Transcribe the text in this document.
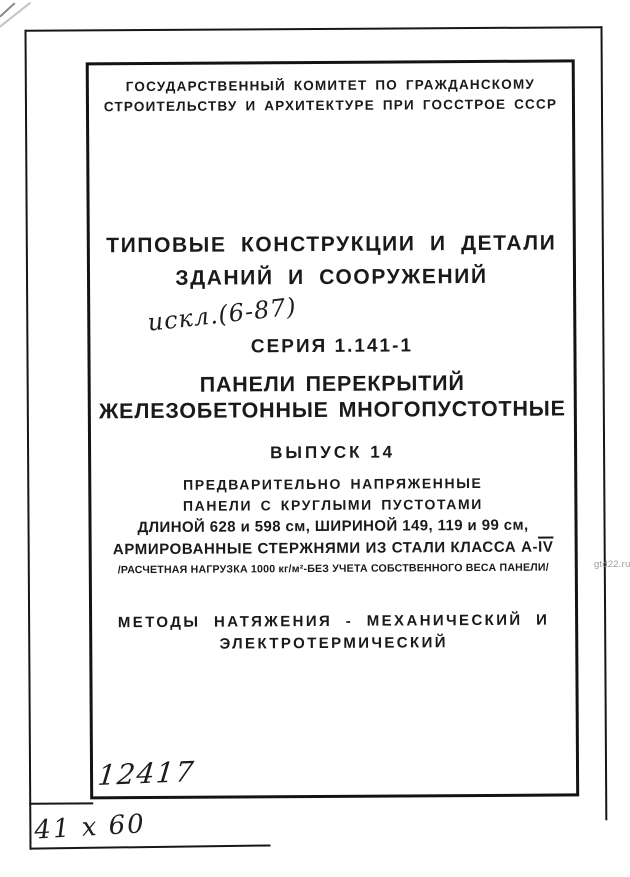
ГОСУДАРСТВЕННЫЙ КОМИТЕТ ПО ГРАЖДАНСКОМУ
СТРОИТЕЛЬСТВУ И АРХИТЕКТУРЕ ПРИ ГОССТРОЕ СССР
ТИПОВЫЕ КОНСТРУКЦИИ И ДЕТАЛИ
ЗДАНИЙ И СООРУЖЕНИЙ
искл.(6-87)
СЕРИЯ 1.141-1
ПАНЕЛИ ПЕРЕКРЫТИЙ
ЖЕЛЕЗОБЕТОННЫЕ МНОГОПУСТОТНЫЕ
ВЫПУСК 14
ПРЕДВАРИТЕЛЬНО НАПРЯЖЕННЫЕ
ПАНЕЛИ С КРУГЛЫМИ ПУСТОТАМИ
ДЛИНОЙ 628 и 598 см, ШИРИНОЙ 149, 119 и 99 см,
АРМИРОВАННЫЕ СТЕРЖНЯМИ ИЗ СТАЛИ КЛАССА $А-\overline{IV}$
/РАСЧЕТНАЯ НАГРУЗКА 1000 кг/м²-БЕЗ УЧЕТА СОБСТВЕННОГО ВЕСА ПАНЕЛИ/
МЕТОДЫ НАТЯЖЕНИЯ - МЕХАНИЧЕСКИЙ И
ЭЛЕКТРОТЕРМИЧЕСКИЙ
12417
41 х 60
gtd22.ru
